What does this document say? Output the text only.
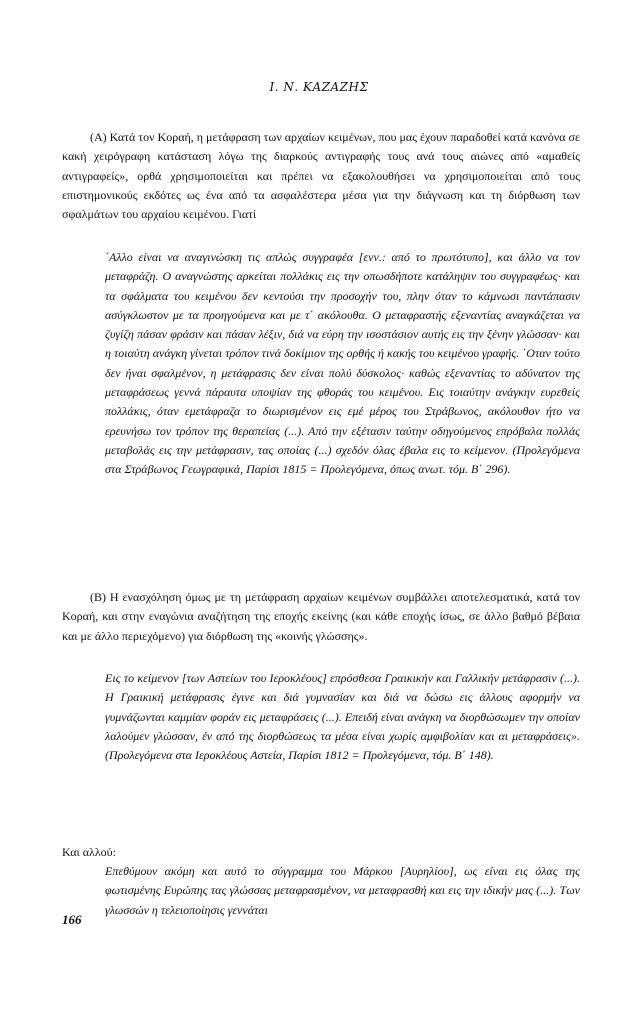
Ι. Ν. ΚΑΖΑΖΗΣ

(Α) Κατά τον Κοραή, η μετάφραση των αρχαίων κειμένων, που μας έχουν παραδοθεί κατά κανόνα σε κακή χειρόγραφη κατάσταση λόγω της διαρκούς αντιγραφής τους ανά τους αιώνες από «αμαθείς αντιγραφείς», ορθά χρησιμοποιείται και πρέπει να εξακολουθήσει να χρησιμοποιείται από τους επιστημονικούς εκδότες ως ένα από τα ασφαλέστερα μέσα για την διάγνωση και τη διόρθωση των σφαλμάτων του αρχαίου κειμένου. Γιατί

΄Αλλο είναι να αναγινώσκη τις απλώς συγγραφέα [ενν.: από το πρωτότυπο], και άλλο να τον μεταφράζη. Ο αναγνώστης αρκείται πολλάκις εις την οπωσδήποτε κατάληψιν του συγγραφέως· και τα σφάλματα του κειμένου δεν κεντούσι την προσοχήν του, πλην όταν το κάμνωσι παντάπασιν ασύγκλωστον με τα προηγούμενα και με τ΄ ακόλουθα. Ο μεταφραστής εξεναντίας αναγκάζεται να ζυγίζη πάσαν φράσιν και πάσαν λέξιν, διά να εύρη την ισοστάσιον αυτής εις την ξένην γλώσσαν· και η τοιαύτη ανάγκη γίνεται τρόπον τινά δοκίμιον της ορθής ή κακής του κειμένου γραφής. ΄Οταν τούτο δεν ήναι σφαλμένον, η μετάφρασις δεν είναι πολύ δύσκολος· καθώς εξεναντίας το αδύνατον της μεταφράσεως γεννά πάραυτα υποψίαν της φθοράς του κειμένου. Εις τοιαύτην ανάγκην ευρεθείς πολλάκις, όταν εμετάφραζα το διωρισμένον εις εμέ μέρος του Στράβωνος, ακόλουθον ήτο να ερευνήσω τον τρόπον της θεραπείας (...). Από την εξέτασιν ταύτην οδηγούμενος επρόβαλα πολλάς μεταβολάς εις την μετάφρασιν, τας οποίας (...) σχεδόν όλας έβαλα εις το κείμενον. (Προλεγόμενα στα Στράβωνος Γεωγραφικά, Παρίσι 1815 = Προλεγόμενα, όπως ανωτ. τόμ. Β΄ 296).

(Β) Η ενασχόληση όμως με τη μετάφραση αρχαίων κειμένων συμβάλλει αποτελεσματικά, κατά τον Κοραή, και στην εναγώνια αναζήτηση της εποχής εκείνης (και κάθε εποχής ίσως, σε άλλο βαθμό βέβαια και με άλλο περιεχόμενο) για διόρθωση της «κοινής γλώσσης».

Εις το κείμενον [των Αστείων του Ιεροκλέους] επρόσθεσα Γραικικήν και Γαλλικήν μετάφρασιν (...). Η Γραικική μετάφρασις έγινε και διά γυμνασίαν και διά να δώσω εις άλλους αφορμήν να γυμνάζωνται καμμίαν φοράν εις μεταφράσεις (...). Επειδή είναι ανάγκη να διορθώσωμεν την οποίαν λαλούμεν γλώσσαν, έν από της διορθώσεως τα μέσα είναι χωρίς αμφιβολίαν και αι μεταφράσεις». (Προλεγόμενα στα Ιεροκλέους Αστεία, Παρίσι 1812 = Προλεγόμενα, τόμ. Β΄ 148).

Και αλλού:

Επεθύμουν ακόμη και αυτό το σύγγραμμα του Μάρκου [Αυρηλίου], ως είναι εις όλας της φωτισμένης Ευρώπης τας γλώσσας μεταφρασμένον, να μεταφρασθή και εις την ιδικήν μας (...). Των γλωσσών η τελειοποίησις γεννάται

166
